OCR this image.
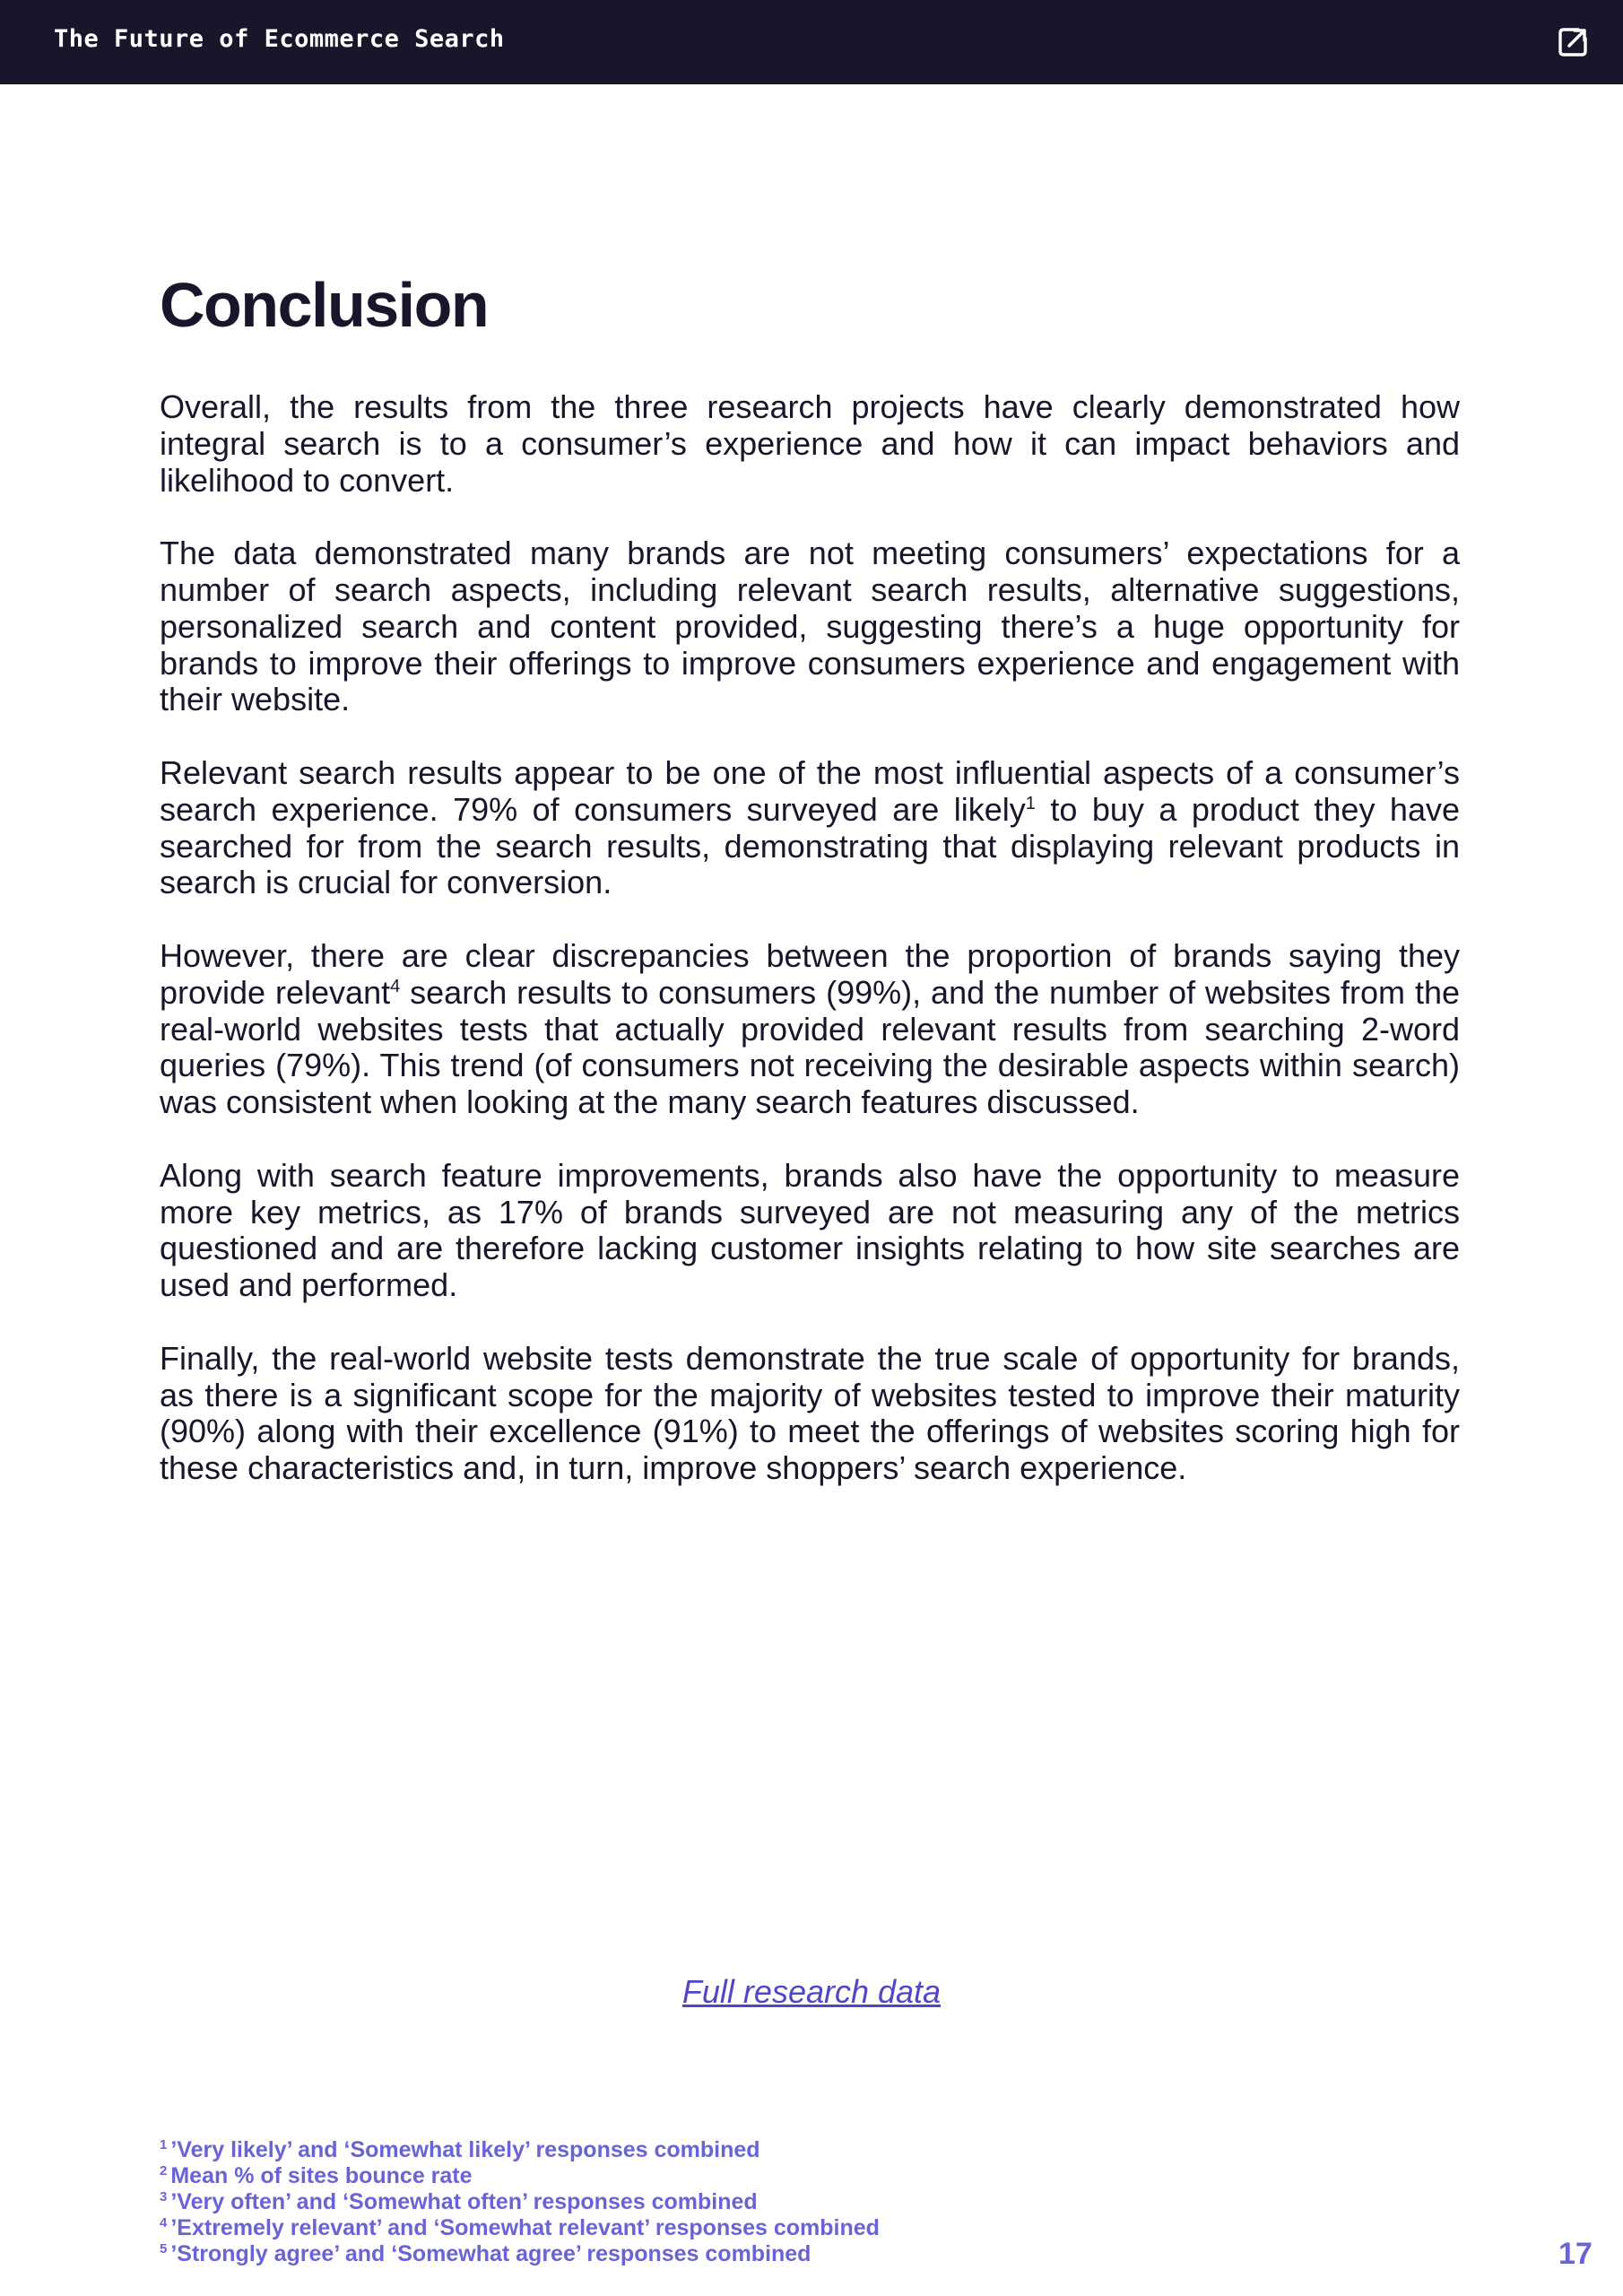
The Future of Ecommerce Search
Conclusion

Overall, the results from the three research projects have clearly demonstrated how integral search is to a consumer’s experience and how it can impact behaviors and likelihood to convert.

The data demonstrated many brands are not meeting consumers’ expectations for a number of search aspects, including relevant search results, alternative suggestions, personalized search and content provided, suggesting there’s a huge opportunity for brands to improve their offerings to improve consumers experience and engagement with their website.

Relevant search results appear to be one of the most influential aspects of a consumer’s search experience. 79% of consumers surveyed are likely$^1$ to buy a product they have searched for from the search results, demonstrating that displaying relevant products in search is crucial for conversion.

However, there are clear discrepancies between the proportion of brands saying they provide relevant$^4$ search results to consumers (99%), and the number of websites from the real-world websites tests that actually provided relevant results from searching 2-word queries (79%). This trend (of consumers not receiving the desirable aspects within search) was consistent when looking at the many search features discussed.

Along with search feature improvements, brands also have the opportunity to measure more key metrics, as 17% of brands surveyed are not measuring any of the metrics questioned and are therefore lacking customer insights relating to how site searches are used and performed.

Finally, the real-world website tests demonstrate the true scale of opportunity for brands, as there is a significant scope for the majority of websites tested to improve their maturity (90%) along with their excellence (91%) to meet the offerings of websites scoring high for these characteristics and, in turn, improve shoppers’ search experience.

Full research data
$^1$ ’Very likely’ and ‘Somewhat likely’ responses combined
$^2$ Mean % of sites bounce rate
$^3$ ’Very often’ and ‘Somewhat often’ responses combined
$^4$ ’Extremely relevant’ and ‘Somewhat relevant’ responses combined
$^5$ ’Strongly agree’ and ‘Somewhat agree’ responses combined	17
